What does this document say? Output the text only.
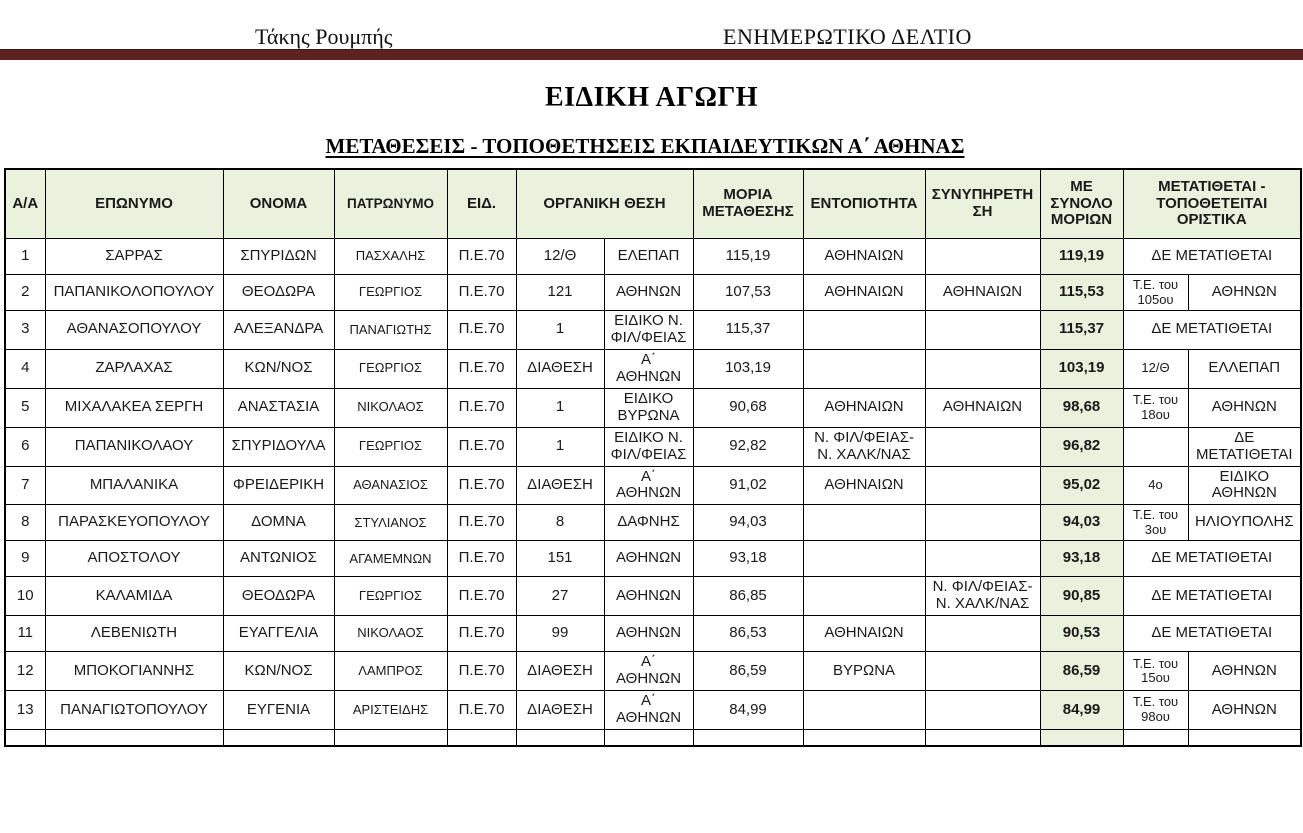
Τάκης Ρουμπής	ΕΝΗΜΕΡΩΤΙΚΟ ΔΕΛΤΙΟ
ΕΙΔΙΚΗ ΑΓΩΓΗ
ΜΕΤΑΘΕΣΕΙΣ - ΤΟΠΟΘΕΤΗΣΕΙΣ ΕΚΠΑΙΔΕΥΤΙΚΩΝ Α΄ ΑΘΗΝΑΣ
Α/Α	ΕΠΩΝΥΜΟ	ΟΝΟΜΑ	ΠΑΤΡΩΝΥΜΟ	ΕΙΔ.	ΟΡΓΑΝΙΚΗ ΘΕΣΗ		ΜΟΡΙΑ ΜΕΤΑΘΕΣΗΣ	ΕΝΤΟΠΙΟΤΗΤΑ	ΣΥΝΥΠΗΡΕΤΗΣΗ	ΜΕ ΣΥΝΟΛΟ ΜΟΡΙΩΝ	ΜΕΤΑΤΙΘΕΤΑΙ - ΤΟΠΟΘΕΤΕΙΤΑΙ ΟΡΙΣΤΙΚΑ	
1	ΣΑΡΡΑΣ	ΣΠΥΡΙΔΩΝ	ΠΑΣΧΑΛΗΣ	Π.Ε.70	12/Θ	ΕΛΕΠΑΠ	115,19	ΑΘΗΝΑΙΩΝ		119,19	ΔΕ ΜΕΤΑΤΙΘΕΤΑΙ	
2	ΠΑΠΑΝΙΚΟΛΟΠΟΥΛΟΥ	ΘΕΟΔΩΡΑ	ΓΕΩΡΓΙΟΣ	Π.Ε.70	121	ΑΘΗΝΩΝ	107,53	ΑΘΗΝΑΙΩΝ	ΑΘΗΝΑΙΩΝ	115,53	Τ.Ε. του 105ου	ΑΘΗΝΩΝ
3	ΑΘΑΝΑΣΟΠΟΥΛΟΥ	ΑΛΕΞΑΝΔΡΑ	ΠΑΝΑΓΙΩΤΗΣ	Π.Ε.70	1	ΕΙΔΙΚΟ Ν. ΦΙΛ/ΦΕΙΑΣ	115,37			115,37	ΔΕ ΜΕΤΑΤΙΘΕΤΑΙ	
4	ΖΑΡΛΑΧΑΣ	ΚΩΝ/ΝΟΣ	ΓΕΩΡΓΙΟΣ	Π.Ε.70	ΔΙΑΘΕΣΗ	Α΄ ΑΘΗΝΩΝ	103,19			103,19	12/Θ	ΕΛΛΕΠΑΠ
5	ΜΙΧΑΛΑΚΕΑ ΣΕΡΓΗ	ΑΝΑΣΤΑΣΙΑ	ΝΙΚΟΛΑΟΣ	Π.Ε.70	1	ΕΙΔΙΚΟ ΒΥΡΩΝΑ	90,68	ΑΘΗΝΑΙΩΝ	ΑΘΗΝΑΙΩΝ	98,68	Τ.Ε. του 18ου	ΑΘΗΝΩΝ
6	ΠΑΠΑΝΙΚΟΛΑΟΥ	ΣΠΥΡΙΔΟΥΛΑ	ΓΕΩΡΓΙΟΣ	Π.Ε.70	1	ΕΙΔΙΚΟ Ν. ΦΙΛ/ΦΕΙΑΣ	92,82	Ν. ΦΙΛ/ΦΕΙΑΣ- Ν. ΧΑΛΚ/ΝΑΣ		96,82		ΔΕ ΜΕΤΑΤΙΘΕΤΑΙ
7	ΜΠΑΛΑΝΙΚΑ	ΦΡΕΙΔΕΡΙΚΗ	ΑΘΑΝΑΣΙΟΣ	Π.Ε.70	ΔΙΑΘΕΣΗ	Α΄ ΑΘΗΝΩΝ	91,02	ΑΘΗΝΑΙΩΝ		95,02	4ο	ΕΙΔΙΚΟ ΑΘΗΝΩΝ
8	ΠΑΡΑΣΚΕΥΟΠΟΥΛΟΥ	ΔΟΜΝΑ	ΣΤΥΛΙΑΝΟΣ	Π.Ε.70	8	ΔΑΦΝΗΣ	94,03			94,03	Τ.Ε. του 3ου	ΗΛΙΟΥΠΟΛΗΣ
9	ΑΠΟΣΤΟΛΟΥ	ΑΝΤΩΝΙΟΣ	ΑΓΑΜΕΜΝΩΝ	Π.Ε.70	151	ΑΘΗΝΩΝ	93,18			93,18	ΔΕ ΜΕΤΑΤΙΘΕΤΑΙ	
10	ΚΑΛΑΜΙΔΑ	ΘΕΟΔΩΡΑ	ΓΕΩΡΓΙΟΣ	Π.Ε.70	27	ΑΘΗΝΩΝ	86,85		Ν. ΦΙΛ/ΦΕΙΑΣ- Ν. ΧΑΛΚ/ΝΑΣ	90,85	ΔΕ ΜΕΤΑΤΙΘΕΤΑΙ	
11	ΛΕΒΕΝΙΩΤΗ	ΕΥΑΓΓΕΛΙΑ	ΝΙΚΟΛΑΟΣ	Π.Ε.70	99	ΑΘΗΝΩΝ	86,53	ΑΘΗΝΑΙΩΝ		90,53	ΔΕ ΜΕΤΑΤΙΘΕΤΑΙ	
12	ΜΠΟΚΟΓΙΑΝΝΗΣ	ΚΩΝ/ΝΟΣ	ΛΑΜΠΡΟΣ	Π.Ε.70	ΔΙΑΘΕΣΗ	Α΄ ΑΘΗΝΩΝ	86,59	ΒΥΡΩΝΑ		86,59	Τ.Ε. του 15ου	ΑΘΗΝΩΝ
13	ΠΑΝΑΓΙΩΤΟΠΟΥΛΟΥ	ΕΥΓΕΝΙΑ	ΑΡΙΣΤΕΙΔΗΣ	Π.Ε.70	ΔΙΑΘΕΣΗ	Α΄ ΑΘΗΝΩΝ	84,99			84,99	Τ.Ε. του 98ου	ΑΘΗΝΩΝ
